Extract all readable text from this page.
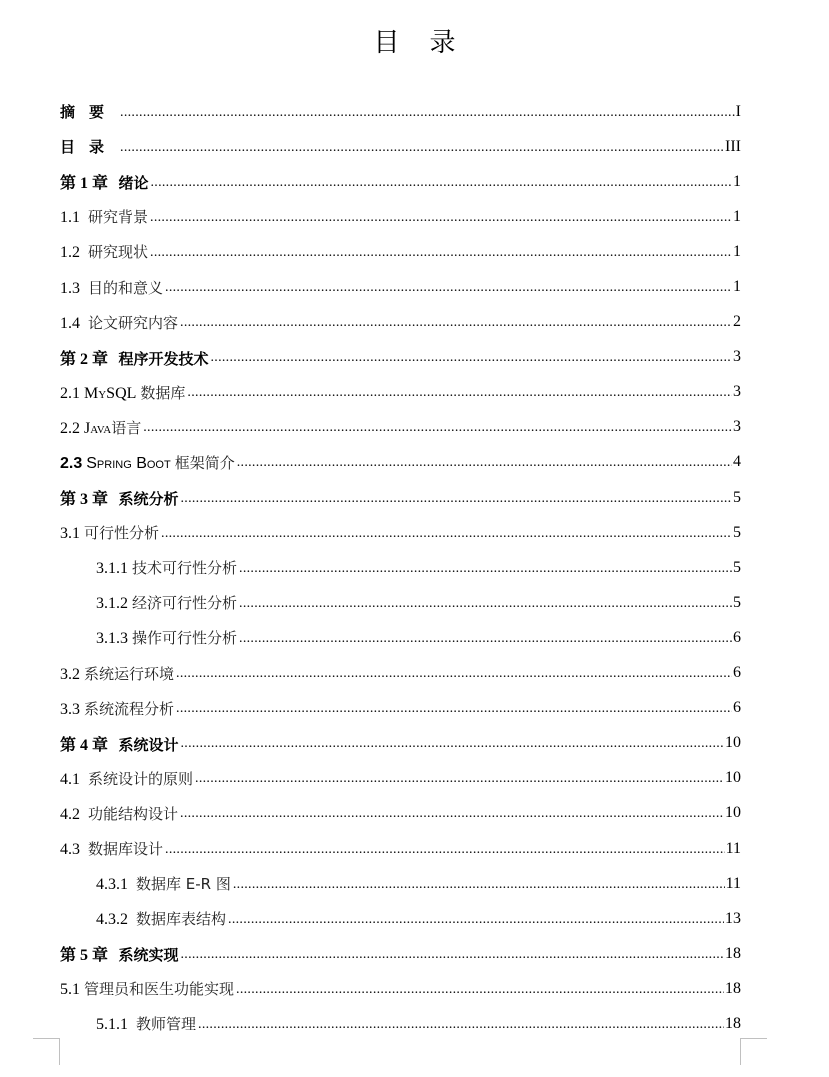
目 录
摘要 . . .	I
目录 . . .	III
第 1 章 绪论 . . .	1
1.1 研究背景 . . .	1
1.2 研究现状 . . .	1
1.3 目的和意义 . . .	1
1.4 论文研究内容 . . .	2
第 2 章 程序开发技术 . . .	3
2.1 MySQL 数据库 . . .	3
2.2 Java语言 . . .	3
2.3 Spring Boot 框架简介 . . .	4
第 3 章 系统分析 . . .	5
3.1 可行性分析 . . .	5
3.1.1 技术可行性分析 . . .	5
3.1.2 经济可行性分析 . . .	5
3.1.3 操作可行性分析 . . .	6
3.2 系统运行环境 . . .	6
3.3 系统流程分析 . . .	6
第 4 章 系统设计 . . .	10
4.1 系统设计的原则 . . .	10
4.2 功能结构设计 . . .	10
4.3 数据库设计 . . .	11
4.3.1 数据库 E-R 图 . . .	11
4.3.2 数据库表结构 . . .	13
第 5 章 系统实现 . . .	18
5.1 管理员和医生功能实现 . . .	18
5.1.1 教师管理 . . .	18
